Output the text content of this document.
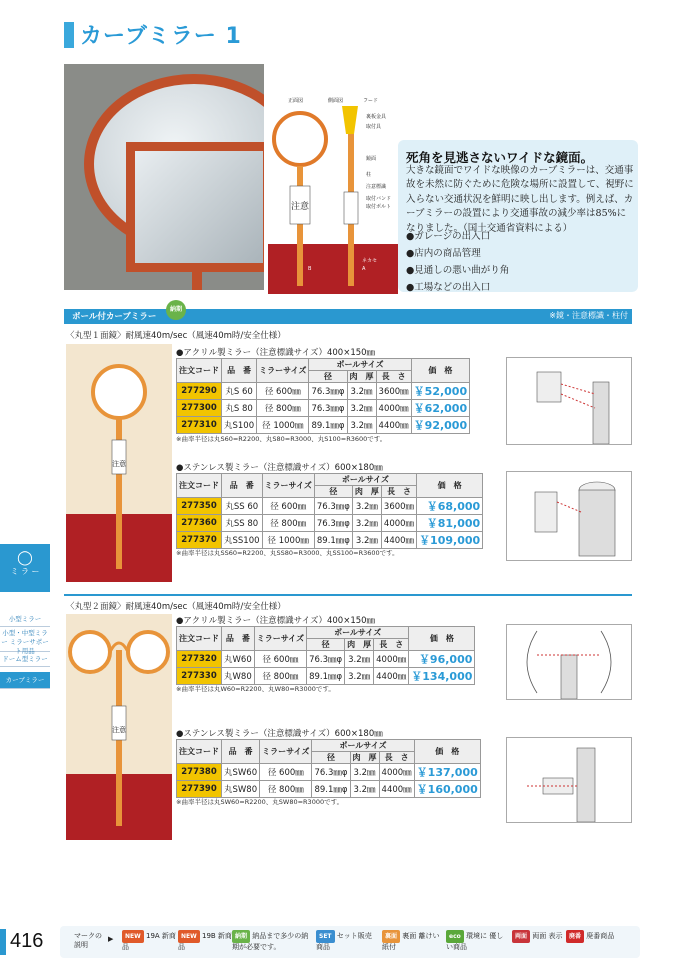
カーブミラー 1
注意
正面図	側面図	フード
裏板金具
取付具
鏡面
柱
注意標識
取付バンド
取付ボルト
ネカセ
A
B
死角を見逃さないワイドな鏡面。
大きな鏡面でワイドな映像のカーブミラーは、交通事故を未然に防ぐために危険な場所に設置して、視野に入らない交通状況を鮮明に映し出します。例えば、カーブミラーの設置により交通事故の減少率は85%になりました。（国土交通省資料による）
●ガレージの出入口
●店内の商品管理
●見通しの悪い曲がり角
●工場などの出入口
ポール付カーブミラー
納期
※鏡・注意標識・柱付
◯
ミ ラ ー
小型ミラー
小型・中型ミラー ミラーサポート用品
ドーム型ミラー
カーブミラー
〈丸型１面鏡〉耐風速40m/sec（風速40m時/安全仕様）
注意
●アクリル製ミラー（注意標識サイズ）400×150㎜
注文コード	品　番	ミラーサイズ	ポールサイズ			価　格
			径	肉　厚	長　さ	
277290	丸S 60	径 600㎜	76.3㎜φ	3.2㎜	3600㎜	￥52,000
277300	丸S 80	径 800㎜	76.3㎜φ	3.2㎜	4000㎜	￥62,000
277310	丸S100	径 1000㎜	89.1㎜φ	3.2㎜	4400㎜	￥92,000
※曲率半径は丸S60=R2200、丸S80=R3000、丸S100=R3600です。
●ステンレス製ミラー（注意標識サイズ）600×180㎜
注文コード	品　番	ミラーサイズ	ポールサイズ			価　格
			径	肉　厚	長　さ	
277350	丸SS 60	径 600㎜	76.3㎜φ	3.2㎜	3600㎜	￥68,000
277360	丸SS 80	径 800㎜	76.3㎜φ	3.2㎜	4000㎜	￥81,000
277370	丸SS100	径 1000㎜	89.1㎜φ	3.2㎜	4400㎜	￥109,000
※曲率半径は丸SS60=R2200、丸SS80=R3000、丸SS100=R3600です。
〈丸型２面鏡〉耐風速40m/sec（風速40m時/安全仕様）
注意
●アクリル製ミラー（注意標識サイズ）400×150㎜
注文コード	品　番	ミラーサイズ	ポールサイズ			価　格
			径	肉　厚	長　さ	
277320	丸W60	径 600㎜	76.3㎜φ	3.2㎜	4000㎜	￥96,000
277330	丸W80	径 800㎜	89.1㎜φ	3.2㎜	4400㎜	￥134,000
※曲率半径は丸W60=R2200、丸W80=R3000です。
●ステンレス製ミラー（注意標識サイズ）600×180㎜
注文コード	品　番	ミラーサイズ	ポールサイズ			価　格
			径	肉　厚	長　さ	
277380	丸SW60	径 600㎜	76.3㎜φ	3.2㎜	4000㎜	￥137,000
277390	丸SW80	径 800㎜	89.1㎜φ	3.2㎜	4400㎜	￥160,000
※曲率半径は丸SW60=R2200、丸SW80=R3000です。
416	マークの説明
▶	NEW 19A 新商品
NEW 19B 新商品
納期 納品まで多少の納期が必要です。
SET セット販売商品
裏面 裏面 離けい紙付
eco 環境に 優しい商品
両面 両面 表示	廃番 廃番商品
